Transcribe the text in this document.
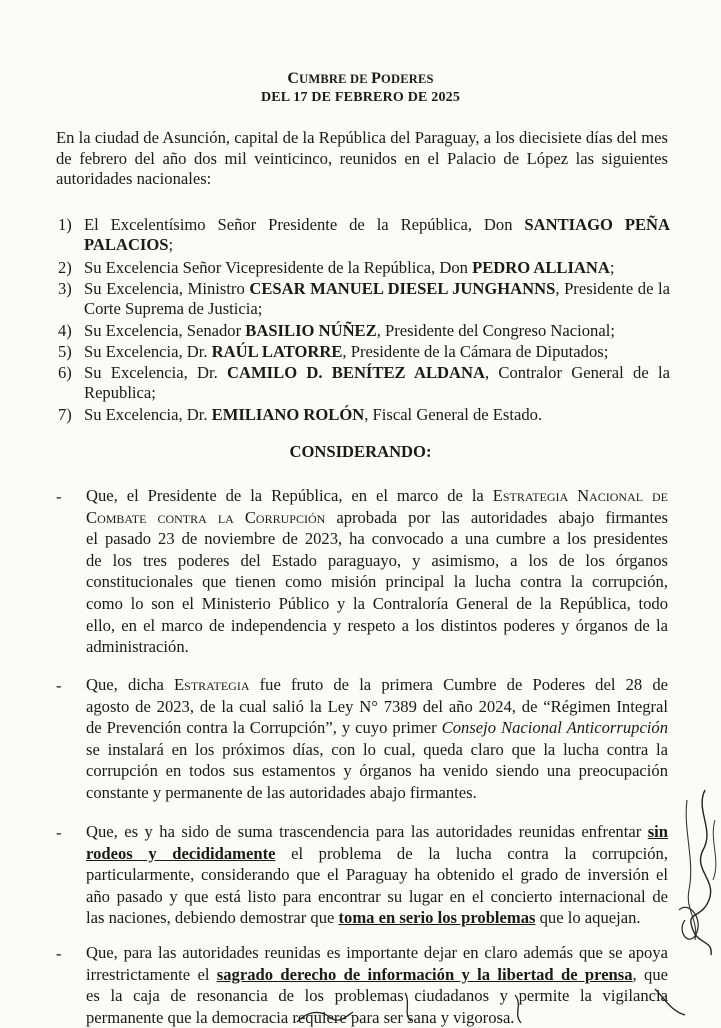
CUMBRE DE PODERES
DEL 17 DE FEBRERO DE 2025
En la ciudad de Asunción, capital de la República del Paraguay, a los diecisiete días del mes
de febrero del año dos mil veinticinco, reunidos en el Palacio de López las siguientes
autoridades nacionales:
1) El Excelentísimo Señor Presidente de la República, Don SANTIAGO PEÑA
PALACIOS;
2) Su Excelencia Señor Vicepresidente de la República, Don PEDRO ALLIANA;
3) Su Excelencia, Ministro CESAR MANUEL DIESEL JUNGHANNS, Presidente de la
Corte Suprema de Justicia;
4) Su Excelencia, Senador BASILIO NÚÑEZ, Presidente del Congreso Nacional;
5) Su Excelencia, Dr. RAÚL LATORRE, Presidente de la Cámara de Diputados;
6) Su Excelencia, Dr. CAMILO D. BENÍTEZ ALDANA, Contralor General de la
Republica;
7) Su Excelencia, Dr. EMILIANO ROLÓN, Fiscal General de Estado.
CONSIDERANDO:
- Que, el Presidente de la República, en el marco de la Estrategia Nacional de
Combate contra la Corrupción aprobada por las autoridades abajo firmantes
el pasado 23 de noviembre de 2023, ha convocado a una cumbre a los presidentes
de los tres poderes del Estado paraguayo, y asimismo, a los de los órganos
constitucionales que tienen como misión principal la lucha contra la corrupción,
como lo son el Ministerio Público y la Contraloría General de la República, todo
ello, en el marco de independencia y respeto a los distintos poderes y órganos de la
administración.
- Que, dicha Estrategia fue fruto de la primera Cumbre de Poderes del 28 de
agosto de 2023, de la cual salió la Ley N° 7389 del año 2024, de “Régimen Integral
de Prevención contra la Corrupción”, y cuyo primer Consejo Nacional Anticorrupción
se instalará en los próximos días, con lo cual, queda claro que la lucha contra la
corrupción en todos sus estamentos y órganos ha venido siendo una preocupación
constante y permanente de las autoridades abajo firmantes.
- Que, es y ha sido de suma trascendencia para las autoridades reunidas enfrentar sin
rodeos y decididamente el problema de la lucha contra la corrupción,
particularmente, considerando que el Paraguay ha obtenido el grado de inversión el
año pasado y que está listo para encontrar su lugar en el concierto internacional de
las naciones, debiendo demostrar que toma en serio los problemas que lo aquejan.
- Que, para las autoridades reunidas es importante dejar en claro además que se apoya
irrestrictamente el sagrado derecho de información y la libertad de prensa, que
es la caja de resonancia de los problemas ciudadanos y permite la vigilancia
permanente que la democracia requiere para ser sana y vigorosa.
